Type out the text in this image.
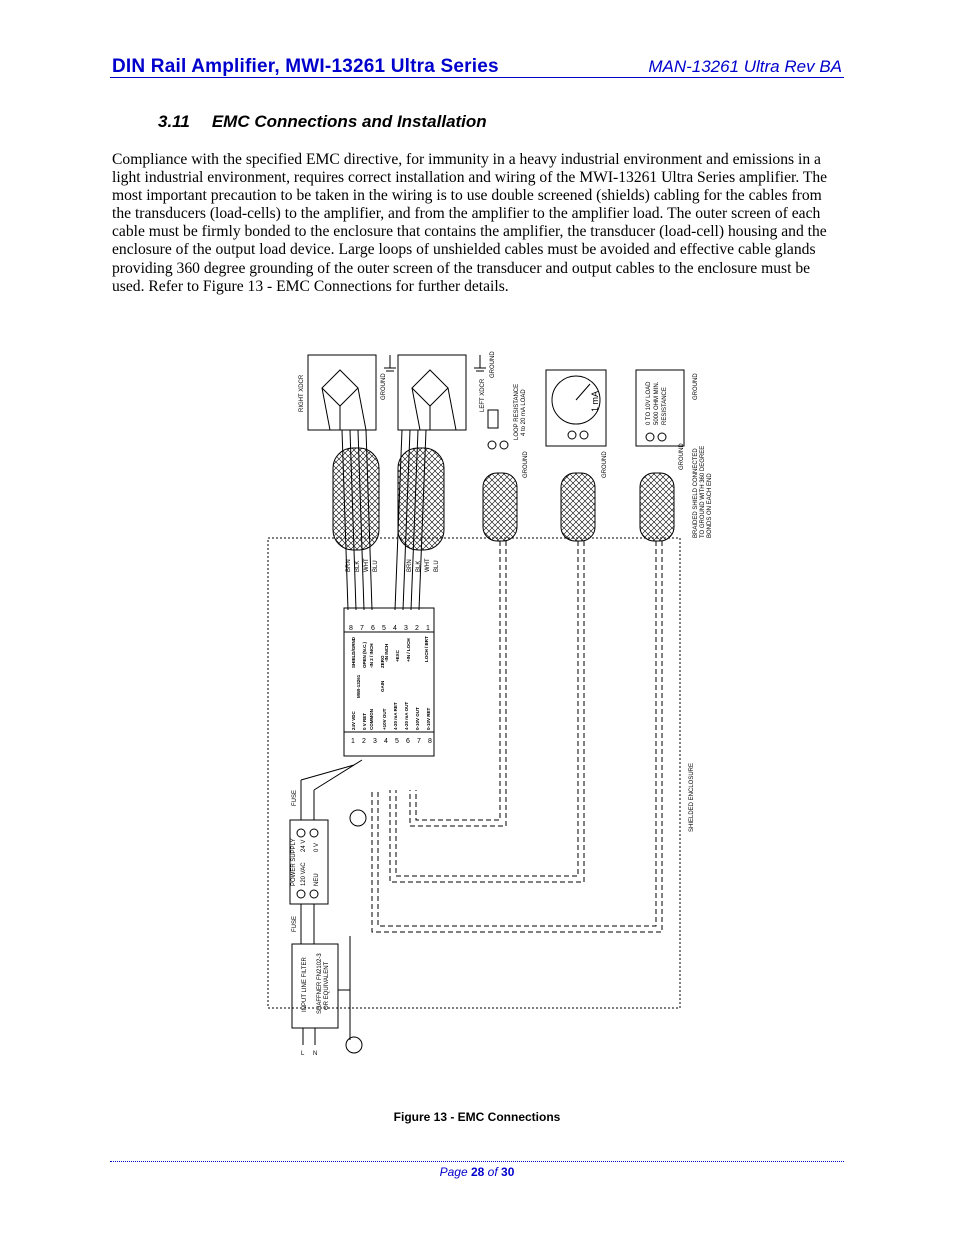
DIN Rail Amplifier, MWI-13261 Ultra Series	MAN-13261 Ultra Rev BA
3.11 EMC Connections and Installation
Compliance with the specified EMC directive, for immunity in a heavy industrial environment and emissions in a light industrial environment, requires correct installation and wiring of the MWI-13261 Ultra Series amplifier. The most important precaution to be taken in the wiring is to use double screened (shields) cabling for the cables from the transducers (load-cells) to the amplifier, and from the amplifier to the amplifier load. The outer screen of each cable must be firmly bonded to the enclosure that contains the amplifier, the transducer (load-cell) housing and the enclosure of the output load device. Large loops of unshielded cables must be avoided and effective cable glands providing 360 degree grounding of the outer screen of the transducer and output cables to the enclosure must be used. Refer to Figure 13 - EMC Connections for further details.
RIGHT XDCR	LEFT XDCR
GROUND
GROUND
LOOP RESISTANCE 4 to 20 mA LOAD
GROUND	GROUND
GROUND
GROUND
0 TO 10V LOAD 5000 OHM MIN. RESISTANCE
BRAIDED SHIELD CONNECTED TO GROUND WITH 360 DEGREE BONDS ON EACH END
SHIELDED ENCLOSURE
POWER SUPPLY 120 VAC NEU
24 V 0 V
FUSE
FUSE
INPUT LINE FILTER SHAFFNER FN2102-3 OR EQUIVALENT
L N
1 mA
BRN BLK WHT BLU	BRN BLK WHT BLU
8 7 6 5 4 3 2 1
1 2 3 4 5 6 7 8
MWI-13261	GAIN
ZERO
SHIELD/GRND OPEN (N.C.) -IN 2 / INCH -IN INCH +EXC +IN / LOCH	LOCH / BRT
24V VDC 0 V RET COMMON +10V OUT 4-20 mA RET 4-20 mA OUT 0-10V OUT 0-10V RET
Figure 13 - EMC Connections
Page 28 of 30
